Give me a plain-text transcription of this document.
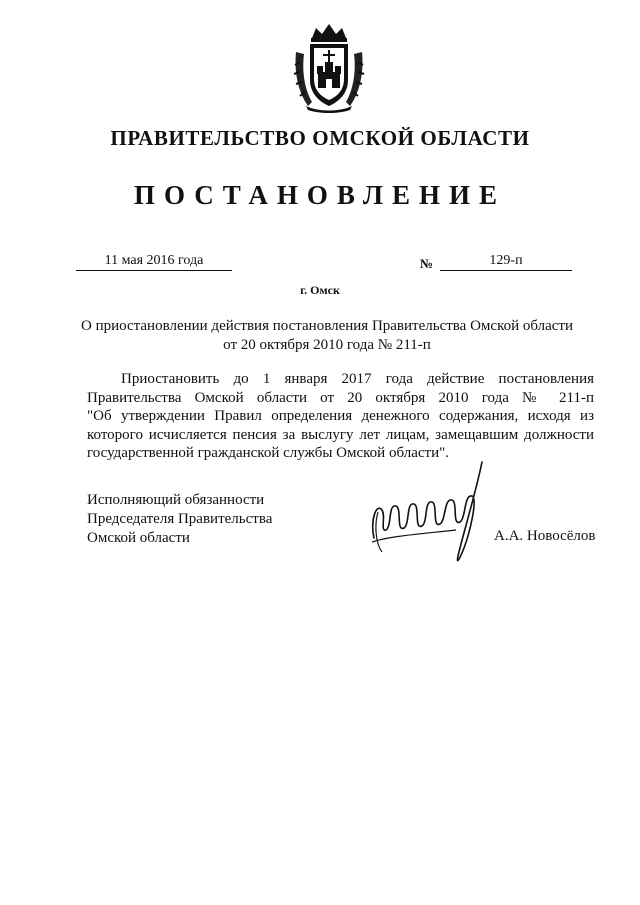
ПРАВИТЕЛЬСТВО ОМСКОЙ ОБЛАСТИ
ПОСТАНОВЛЕНИЕ
11 мая 2016 года	№	129-п
г. Омск
О приостановлении действия постановления Правительства Омской области
от 20 октября 2010 года № 211-п
Приостановить до 1 января 2017 года действие постановления
Правительства Омской области от 20 октября 2010 года № 211-п
"Об утверждении Правил определения денежного содержания, исходя из
которого исчисляется пенсия за выслугу лет лицам, замещавшим должности
государственной гражданской службы Омской области".
Исполняющий обязанности
Председателя Правительства
Омской области	А.А. Новосёлов
